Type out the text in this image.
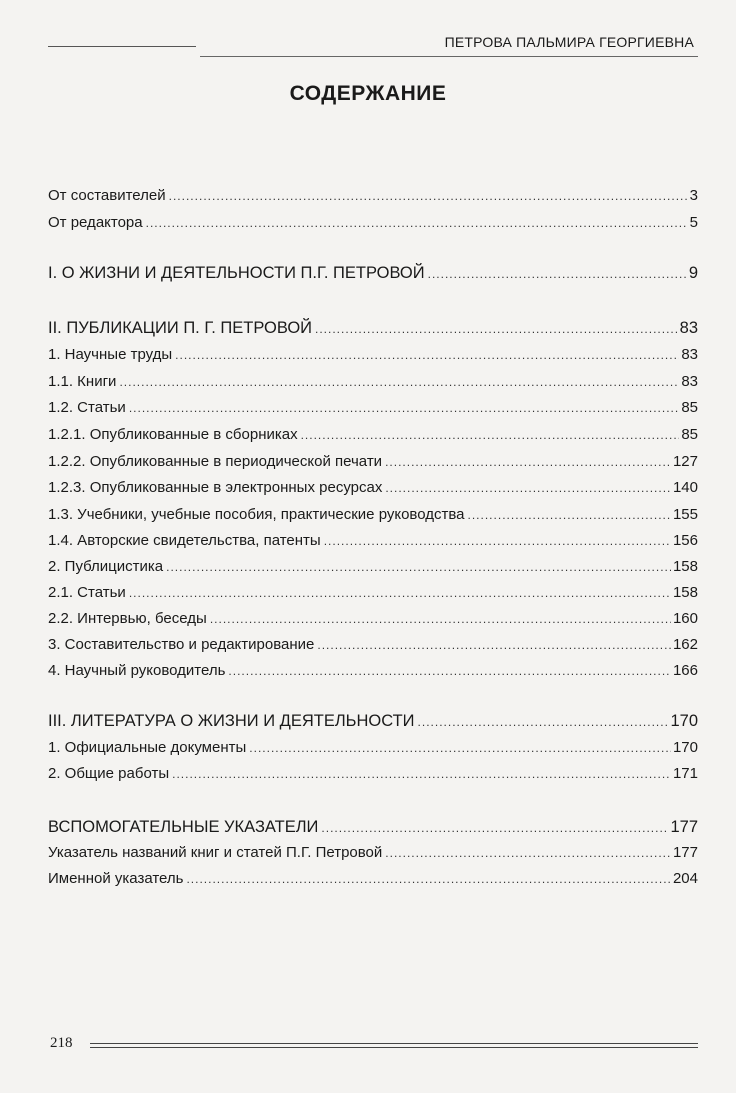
ПЕТРОВА ПАЛЬМИРА ГЕОРГИЕВНА
СОДЕРЖАНИЕ
От составителей .....	3
От редактора .....	5
I. О ЖИЗНИ И ДЕЯТЕЛЬНОСТИ П.Г. ПЕТРОВОЙ .....	9
II. ПУБЛИКАЦИИ П. Г. ПЕТРОВОЙ .....	83
1. Научные труды .....	83
1.1. Книги .....	83
1.2. Статьи .....	85
1.2.1. Опубликованные в сборниках .....	85
1.2.2. Опубликованные в периодической печати .....	127
1.2.3. Опубликованные в электронных ресурсах .....	140
1.3. Учебники, учебные пособия, практические руководства .....	155
1.4. Авторские свидетельства, патенты .....	156
2. Публицистика .....	158
2.1. Статьи .....	158
2.2. Интервью, беседы .....	160
3. Составительство и редактирование .....	162
4. Научный руководитель .....	166
III. ЛИТЕРАТУРА О ЖИЗНИ И ДЕЯТЕЛЬНОСТИ .....	170
1. Официальные документы .....	170
2. Общие работы .....	171
ВСПОМОГАТЕЛЬНЫЕ УКАЗАТЕЛИ .....	177
Указатель названий книг и статей П.Г. Петровой .....	177
Именной указатель .....	204
218
